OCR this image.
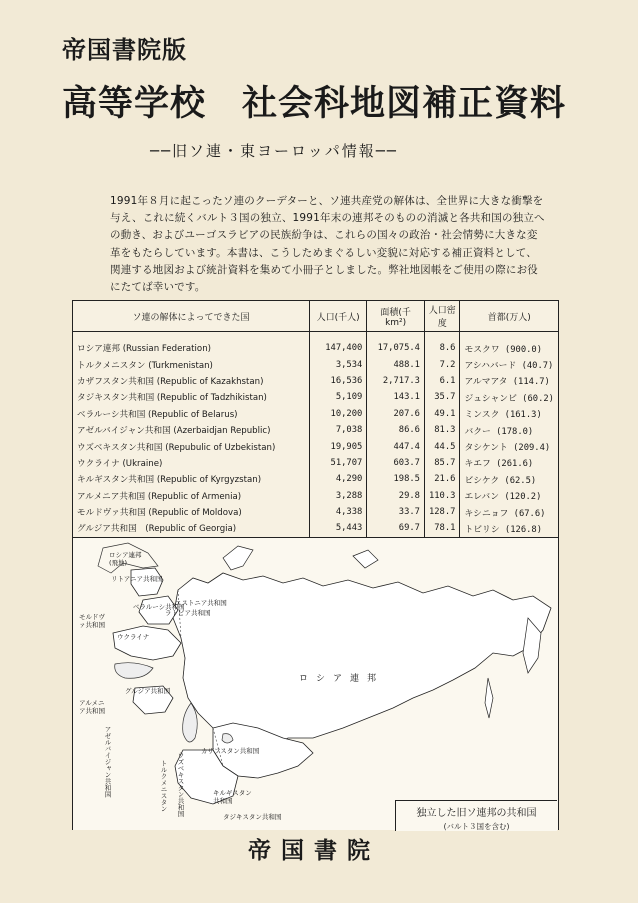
帝国書院版
高等学校　社会科地図補正資料
──旧ソ連・東ヨーロッパ情報──
1991年８月に起こったソ連のクーデターと、ソ連共産党の解体は、全世界に大きな衝撃を
与え、これに続くバルト３国の独立、1991年末の連邦そのものの消滅と各共和国の独立へ
の動き、およびユーゴスラビアの民族紛争は、これらの国々の政治・社会情勢に大きな変
革をもたらしています。本書は、こうしためまぐるしい変貌に対応する補正資料として、
関連する地図および統計資料を集めて小冊子としました。弊社地図帳をご使用の際にお役
にたてば幸いです。
ソ連の解体によってできた国	人口(千人)	面積(千km²)	人口密度	首都(万人)
ロシア連邦 (Russian Federation)	147,400	17,075.4	8.6	モスクワ (900.0)
トルクメニスタン (Turkmenistan)	3,534	488.1	7.2	アシハバード (40.7)
カザフスタン共和国 (Republic of Kazakhstan)	16,536	2,717.3	6.1	アルマアタ (114.7)
タジキスタン共和国 (Republic of Tadzhikistan)	5,109	143.1	35.7	ジュシャンビ (60.2)
ベラルーシ共和国 (Republic of Belarus)	10,200	207.6	49.1	ミンスク (161.3)
アゼルバイジャン共和国 (Azerbaidjan Republic)	7,038	86.6	81.3	バクー (178.0)
ウズベキスタン共和国 (Repubulic of Uzbekistan)	19,905	447.4	44.5	タシケント (209.4)
ウクライナ (Ukraine)	51,707	603.7	85.7	キエフ (261.6)
キルギスタン共和国 (Republic of Kyrgyzstan)	4,290	198.5	21.6	ビシケク (62.5)
アルメニア共和国 (Republic of Armenia)	3,288	29.8	110.3	エレバン (120.2)
モルドヴァ共和国 (Republic of Moldova)	4,338	33.7	128.7	キシニョフ (67.6)
グルジア共和国　(Republic of Georgia)	5,443	69.7	78.1	トビリシ (126.8)
ロシア連邦
ロシア連邦(飛地)
リトアニア共和国
ラトビア共和国
エストニア共和国
ベラルーシ共和国
モルドヴァ共和国
ウクライナ
グルジア共和国
アルメニア共和国
アゼルバイジャン共和国	カザフスタン共和国
ウズベキスタン共和国
トルクメニスタン	キルギスタン共和国
タジキスタン共和国	独立した旧ソ連邦の共和国
(バルト３国を含む)
帝国書院
